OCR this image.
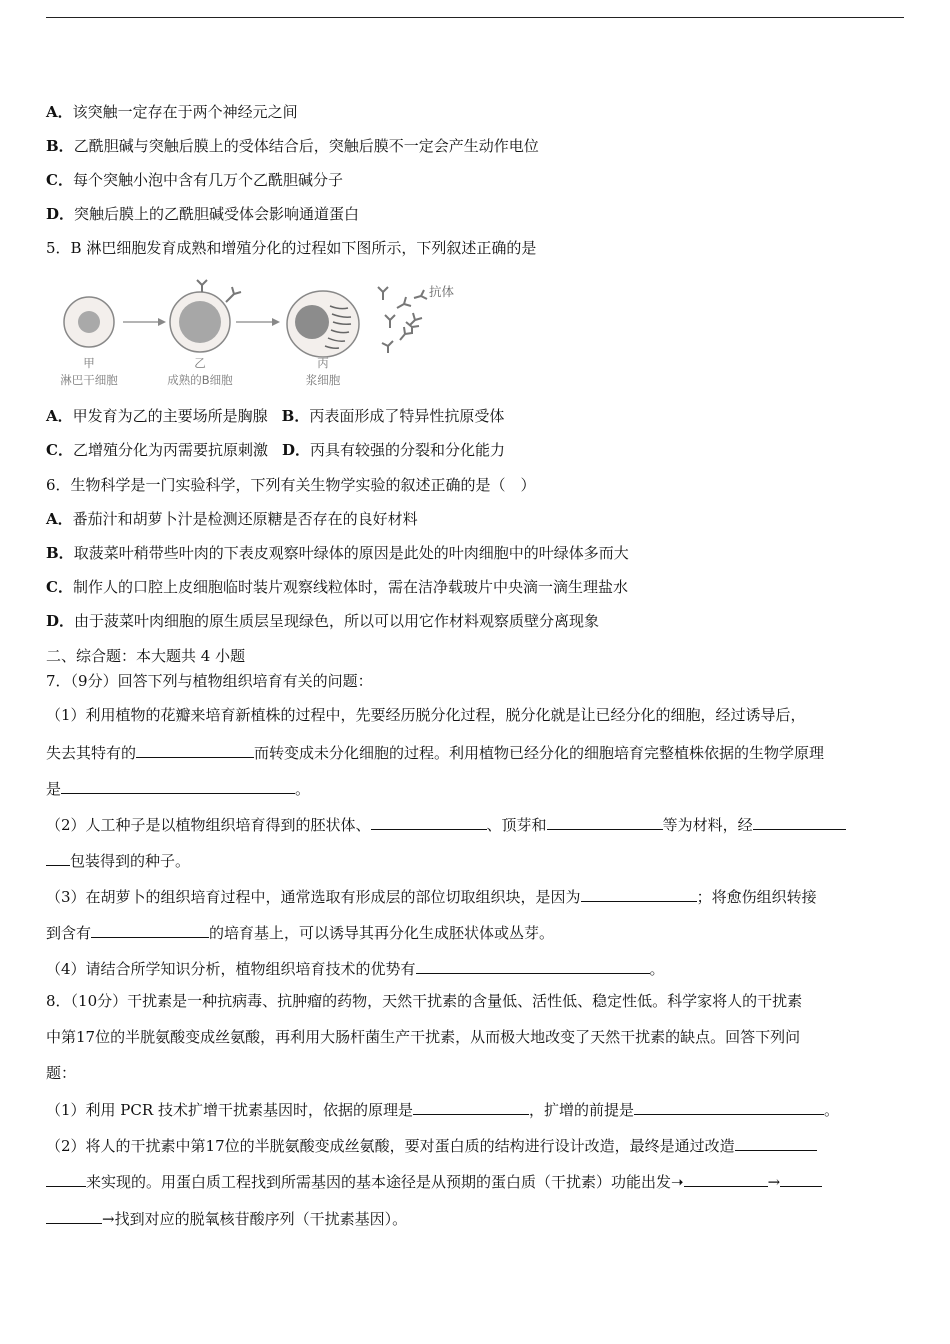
A．该突触一定存在于两个神经元之间
B．乙酰胆碱与突触后膜上的受体结合后，突触后膜不一定会产生动作电位
C．每个突触小泡中含有几万个乙酰胆碱分子
D．突触后膜上的乙酰胆碱受体会影响通道蛋白
5．B 淋巴细胞发育成熟和增殖分化的过程如下图所示，下列叙述正确的是
抗体
甲
淋巴干细胞
乙
成熟的B细胞
丙
浆细胞
A．甲发育为乙的主要场所是胸腺 B．丙表面形成了特异性抗原受体
C．乙增殖分化为丙需要抗原刺激 D．丙具有较强的分裂和分化能力
6．生物科学是一门实验科学，下列有关生物学实验的叙述正确的是（　）
A．番茄汁和胡萝卜汁是检测还原糖是否存在的良好材料
B．取菠菜叶稍带些叶肉的下表皮观察叶绿体的原因是此处的叶肉细胞中的叶绿体多而大
C．制作人的口腔上皮细胞临时装片观察线粒体时，需在洁净载玻片中央滴一滴生理盐水
D．由于菠菜叶肉细胞的原生质层呈现绿色，所以可以用它作材料观察质壁分离现象
二、综合题：本大题共 4 小题
7．（9分）回答下列与植物组织培育有关的问题：
（1）利用植物的花瓣来培育新植株的过程中，先要经历脱分化过程，脱分化就是让已经分化的细胞，经过诱导后，
失去其特有的	而转变成未分化细胞的过程。利用植物已经分化的细胞培育完整植株依据的生物学原理
是	。
（2）人工种子是以植物组织培育得到的胚状体、	、顶芽和	等为材料，经
包装得到的种子。
（3）在胡萝卜的组织培育过程中，通常选取有形成层的部位切取组织块，是因为	；将愈伤组织转接
到含有	的培育基上，可以诱导其再分化生成胚状体或丛芽。
（4）请结合所学知识分析，植物组织培育技术的优势有	。
8．（10分）干扰素是一种抗病毒、抗肿瘤的药物，天然干扰素的含量低、活性低、稳定性低。科学家将人的干扰素
中第17位的半胱氨酸变成丝氨酸，再利用大肠杆菌生产干扰素，从而极大地改变了天然干扰素的缺点。回答下列问
题：
（1）利用 PCR 技术扩增干扰素基因时，依据的原理是	，扩增的前提是	。
（2）将人的干扰素中第17位的半胱氨酸变成丝氨酸，要对蛋白质的结构进行设计改造，最终是通过改造
来实现的。用蛋白质工程找到所需基因的基本途径是从预期的蛋白质（干扰素）功能出发➝	→
→找到对应的脱氧核苷酸序列（干扰素基因）。
